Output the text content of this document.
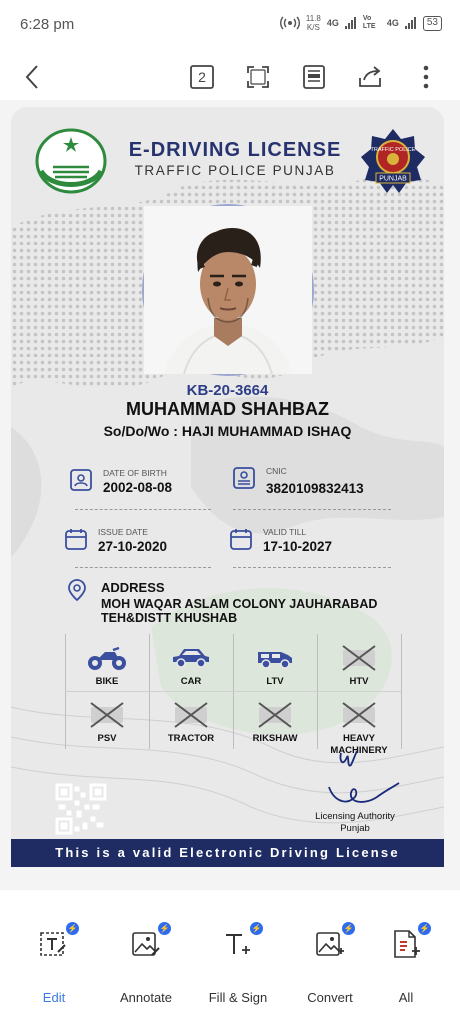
6:28 pm	11.8
K/S 4G	Vo LTE	4G	53
2
E-DRIVING LICENSE
TRAFFIC POLICE PUNJAB
TRAFFIC POLICE
PUNJAB
KB-20-3664
MUHAMMAD SHAHBAZ
So/Do/Wo : HAJI MUHAMMAD ISHAQ
DATE OF BIRTH
2002-08-08
CNIC
3820109832413
ISSUE DATE
27-10-2020
VALID TILL
17-10-2027
ADDRESS
MOH WAQAR ASLAM COLONY JAUHARABAD
TEH&DISTT KHUSHAB
BIKE	CAR	LTV	HTV
PSV	TRACTOR	RIKSHAW	HEAVY MACHINERY
Licensing Authority
Punjab
This is a valid Electronic Driving License
⚡
Edit
⚡
Annotate
⚡
Fill & Sign
⚡
Convert
⚡
All
